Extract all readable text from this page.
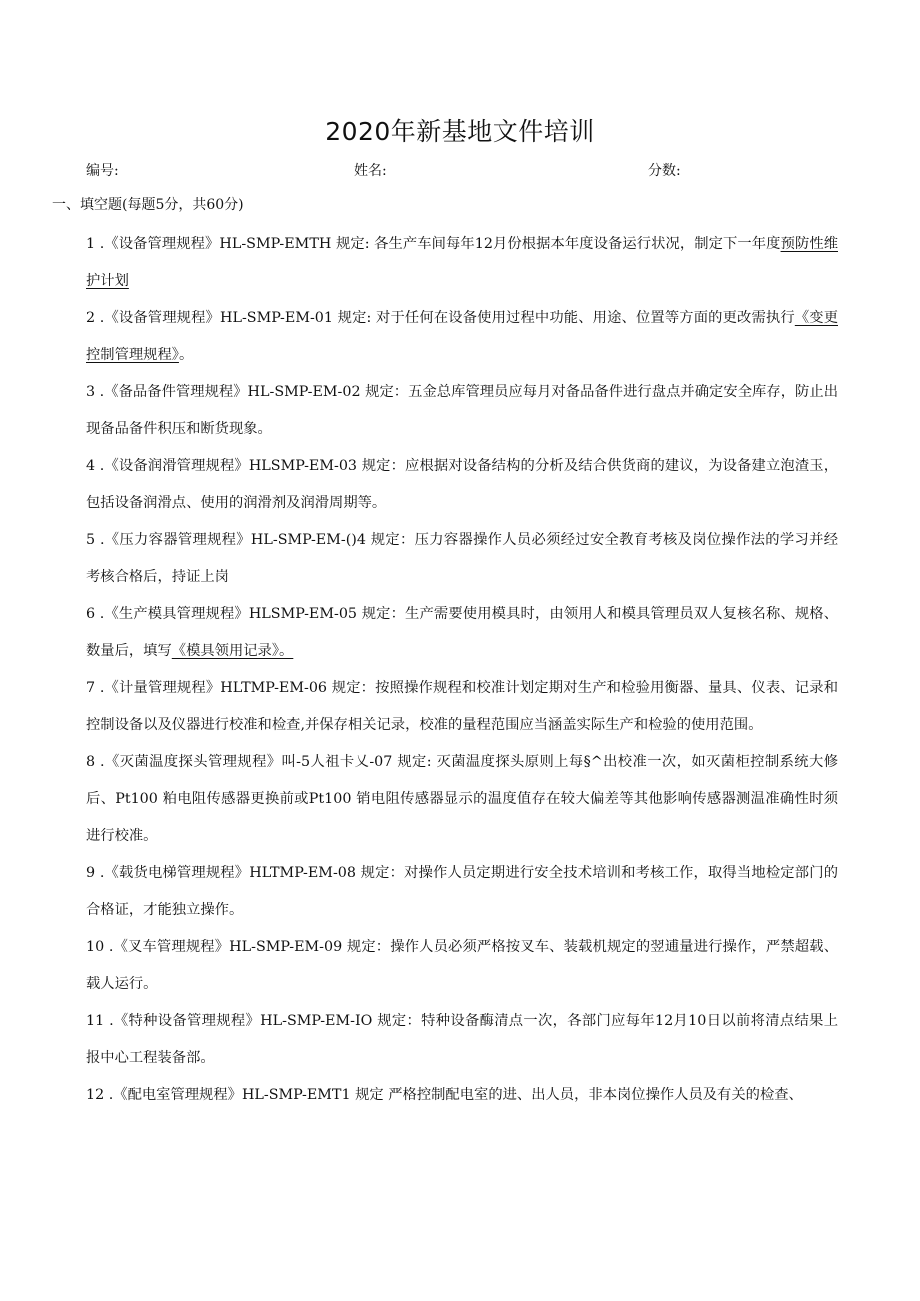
2020年新基地文件培训
编号:	姓名:	分数:
一、填空题(每题5分，共60分)

1 .《设备管理规程》HL-SMP-EMTH 规定: 各生产车间每年12月份根据本年度设备运行状况，制定下一年度预防性维护计划

2 .《设备管理规程》HL-SMP-EM-01 规定: 对于任何在设备使用过程中功能、用途、位置等方面的更改需执行《变更控制管理规程》。

3 .《备品备件管理规程》HL-SMP-EM-02 规定：五金总库管理员应每月对备品备件进行盘点并确定安全库存，防止出现备品备件积压和断货现象。

4 .《设备润滑管理规程》HLSMP-EM-03 规定：应根据对设备结构的分析及结合供货商的建议，为设备建立泡渣玉，包括设备润滑点、使用的润滑剂及润滑周期等。

5 .《压力容器管理规程》HL-SMP-EM-()4 规定：压力容器操作人员必须经过安全教育考核及岗位操作法的学习并经考核合格后，持证上岗

6 .《生产模具管理规程》HLSMP-EM-05 规定：生产需要使用模具时，由领用人和模具管理员双人复核名称、规格、数量后，填写《模具领用记录》。

7 .《计量管理规程》HLTMP-EM-06 规定：按照操作规程和校准计划定期对生产和检验用衡器、量具、仪表、记录和控制设备以及仪器进行校准和检查,并保存相关记录，校准的量程范围应当涵盖实际生产和检验的使用范围。

8 .《灭菌温度探头管理规程》叫-5人祖卡乂-07 规定: 灭菌温度探头原则上每§^出校准一次，如灭菌柜控制系统大修后、Pt100 粕电阻传感器更换前或Pt100 销电阻传感器显示的温度值存在较大偏差等其他影响传感器测温准确性时须进行校准。

9 .《载货电梯管理规程》HLTMP-EM-08 规定：对操作人员定期进行安全技术培训和考核工作，取得当地检定部门的合格证，才能独立操作。

10 .《叉车管理规程》HL-SMP-EM-09 规定：操作人员必须严格按叉车、装载机规定的翌逋量进行操作，严禁超载、载人运行。

11 .《特种设备管理规程》HL-SMP-EM-IO 规定：特种设备酶清点一次，各部门应每年12月10日以前将清点结果上报中心工程装备部。

12 .《配电室管理规程》HL-SMP-EMT1 规定 严格控制配电室的进、出人员，非本岗位操作人员及有关的检查、
